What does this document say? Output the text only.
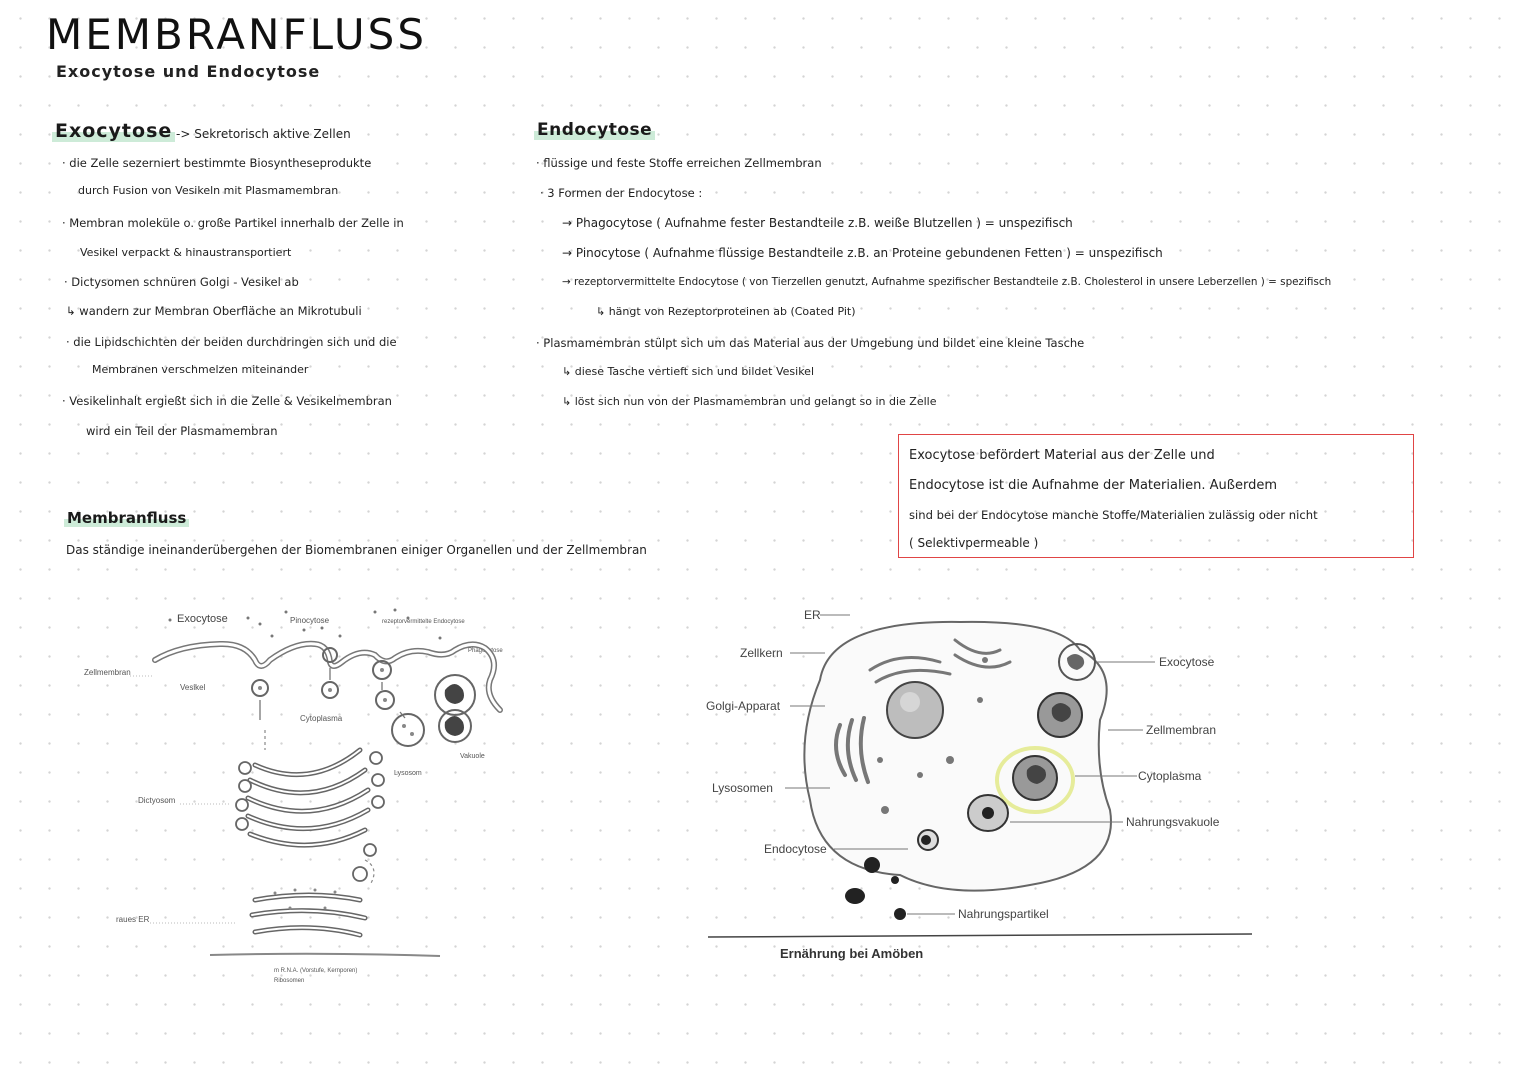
MEMBRANFLUSS
Exocytose und Endocytose
Exocytose -> Sekretorisch aktive Zellen
· die Zelle sezerniert bestimmte Biosyntheseprodukte
durch Fusion von Vesikeln mit Plasmamembran
· Membran moleküle o. große Partikel innerhalb der Zelle in
Vesikel verpackt & hinaustransportiert
· Dictysomen schnüren Golgi - Vesikel ab
↳ wandern zur Membran Oberfläche an Mikrotubuli
· die Lipidschichten der beiden durchdringen sich und die
Membranen verschmelzen miteinander
· Vesikelinhalt ergießt sich in die Zelle & Vesikelmembran
wird ein Teil der Plasmamembran
Endocytose
· flüssige und feste Stoffe erreichen Zellmembran
· 3 Formen der Endocytose :
→ Phagocytose ( Aufnahme fester Bestandteile z.B. weiße Blutzellen ) = unspezifisch
→ Pinocytose ( Aufnahme flüssige Bestandteile z.B. an Proteine gebundenen Fetten ) = unspezifisch
→ rezeptorvermittelte Endocytose ( von Tierzellen genutzt, Aufnahme spezifischer Bestandteile z.B. Cholesterol in unsere Leberzellen ) = spezifisch
↳ hängt von Rezeptorproteinen ab (Coated Pit)
· Plasmamembran stülpt sich um das Material aus der Umgebung und bildet eine kleine Tasche
↳ diese Tasche vertieft sich und bildet Vesikel
↳ löst sich nun von der Plasmamembran und gelangt so in die Zelle
Exocytose befördert Material aus der Zelle und
Endocytose ist die Aufnahme der Materialien. Außerdem
sind bei der Endocytose manche Stoffe/Materialien zulässig oder nicht
( Selektivpermeable )
Membranfluss
Das ständige ineinanderübergehen der Biomembranen einiger Organellen und der Zellmembran
Exocytose	Pinocytose	rezeptorvermittelte Endocytose
Phagocytose
Zellmembran
Vesikel
Cytoplasma
Vakuole
Lysosom
Dictyosom
raues ER
m R.N.A. (Vorstufe, Kernporen)
Ribosomen
ER
Zellkern
Golgi-Apparat
Lysosomen
Endocytose
Exocytose
Zellmembran
Cytoplasma
Nahrungsvakuole
Nahrungspartikel
Ernährung bei Amöben
